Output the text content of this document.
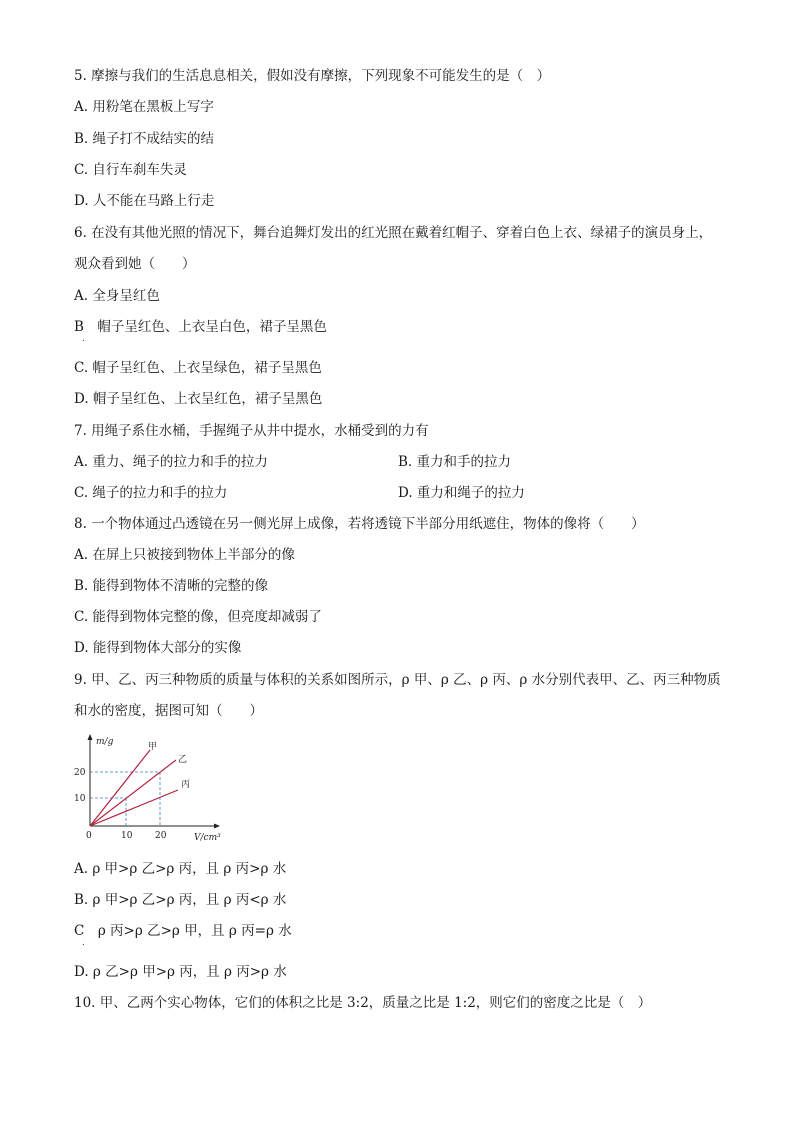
5. 摩擦与我们的生活息息相关，假如没有摩擦，下列现象不可能发生的是（　）
A. 用粉笔在黑板上写字
B. 绳子打不成结实的结
C. 自行车刹车失灵
D. 人不能在马路上行走
6. 在没有其他光照的情况下，舞台追舞灯发出的红光照在戴着红帽子、穿着白色上衣、绿裙子的演员身上，
观众看到她（　　）
A. 全身呈红色
B　帽子呈红色、上衣呈白色，裙子呈黑色
.
C. 帽子呈红色、上衣呈绿色，裙子呈黑色
D. 帽子呈红色、上衣呈红色，裙子呈黑色
7. 用绳子系住水桶，手握绳子从井中提水，水桶受到的力有
A. 重力、绳子的拉力和手的拉力	B. 重力和手的拉力
C. 绳子的拉力和手的拉力	D. 重力和绳子的拉力
8. 一个物体通过凸透镜在另一侧光屏上成像，若将透镜下半部分用纸遮住，物体的像将（　　）
A. 在屏上只被接到物体上半部分的像
B. 能得到物体不清晰的完整的像
C. 能得到物体完整的像，但亮度却减弱了
D. 能得到物体大部分的实像
9. 甲、乙、丙三种物质的质量与体积的关系如图所示，ρ 甲、ρ 乙、ρ 丙、ρ 水分别代表甲、乙、丙三种物质
和水的密度，据图可知（　　）
m/g
V/cm³
0
10
20
10	20
甲
乙
丙
A. ρ 甲>ρ 乙>ρ 丙，且 ρ 丙>ρ 水
B. ρ 甲>ρ 乙>ρ 丙，且 ρ 丙<ρ 水
C　ρ 丙>ρ 乙>ρ 甲，且 ρ 丙=ρ 水
.
D. ρ 乙>ρ 甲>ρ 丙，且 ρ 丙>ρ 水
10. 甲、乙两个实心物体，它们的体积之比是 3:2，质量之比是 1:2，则它们的密度之比是（　）
